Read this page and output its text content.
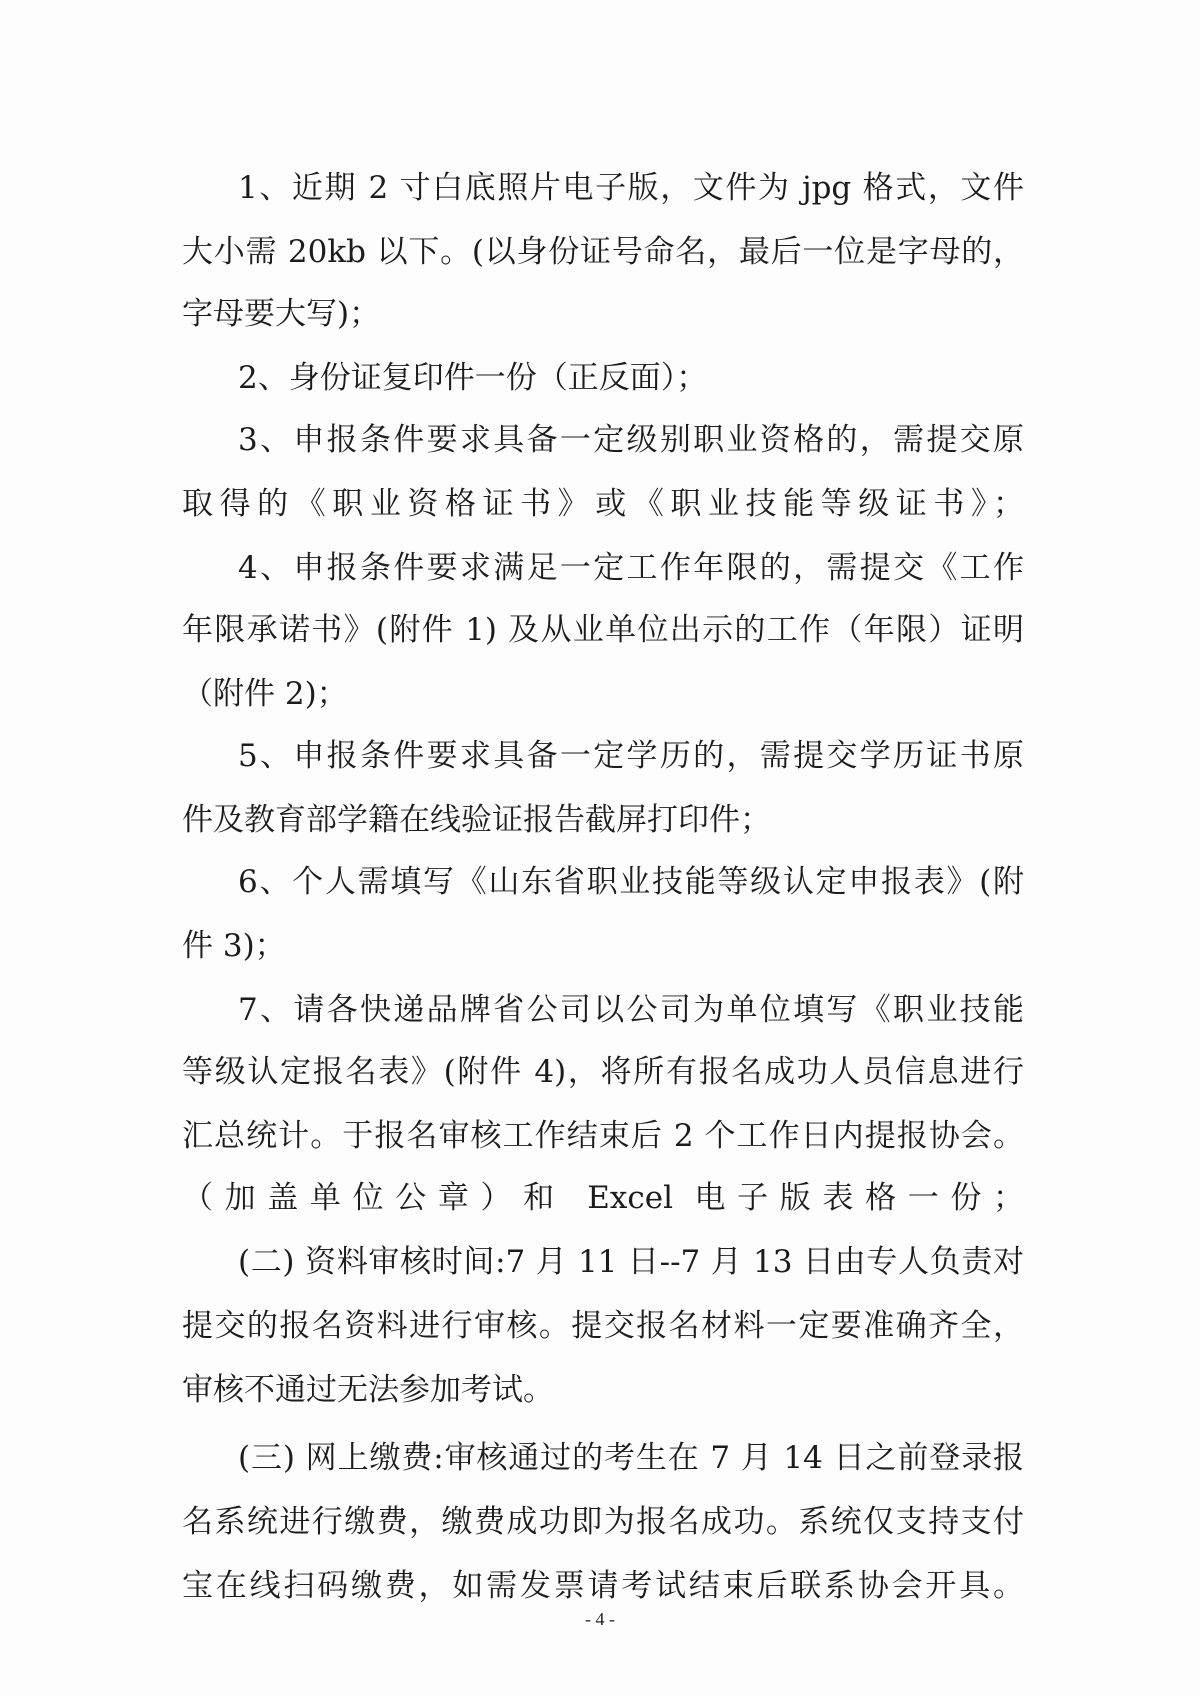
1、近期 2 寸白底照片电子版，文件为 jpg 格式，文件
大小需 20kb 以下。(以身份证号命名，最后一位是字母的，
字母要大写)；
2、身份证复印件一份（正反面）；
3、申报条件要求具备一定级别职业资格的，需提交原
取得的《职业资格证书》或《职业技能等级证书》；
4、申报条件要求满足一定工作年限的，需提交《工作
年限承诺书》(附件 1) 及从业单位出示的工作（年限）证明
（附件 2)；
5、申报条件要求具备一定学历的，需提交学历证书原
件及教育部学籍在线验证报告截屏打印件；
6、个人需填写《山东省职业技能等级认定申报表》(附
件 3)；
7、请各快递品牌省公司以公司为单位填写《职业技能
等级认定报名表》(附件 4)，将所有报名成功人员信息进行
汇总统计。于报名审核工作结束后 2 个工作日内提报协会。
（加盖单位公章）和 Excel 电子版表格一份；
(二) 资料审核时间:7 月 11 日--7 月 13 日由专人负责对
提交的报名资料进行审核。提交报名材料一定要准确齐全，
审核不通过无法参加考试。
(三) 网上缴费:审核通过的考生在 7 月 14 日之前登录报
名系统进行缴费，缴费成功即为报名成功。系统仅支持支付
宝在线扫码缴费，如需发票请考试结束后联系协会开具。
- 4 -
